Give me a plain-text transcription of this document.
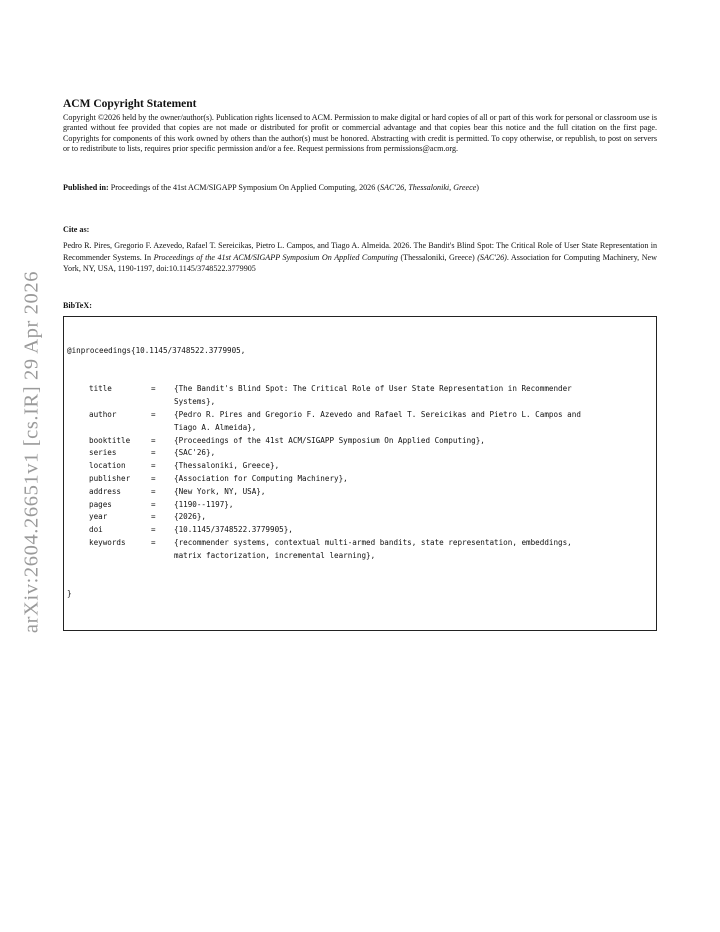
arXiv:2604.26651v1 [cs.IR] 29 Apr 2026
ACM Copyright Statement

Copyright ©2026 held by the owner/author(s). Publication rights licensed to ACM. Permission to make digital or hard copies of all or part of this work for personal or classroom use is granted without fee provided that copies are not made or distributed for profit or commercial advantage and that copies bear this notice and the full citation on the first page. Copyrights for components of this work owned by others than the author(s) must be honored. Abstracting with credit is permitted. To copy otherwise, or republish, to post on servers or to redistribute to lists, requires prior specific permission and/or a fee. Request permissions from permissions@acm.org.

Published in: Proceedings of the 41st ACM/SIGAPP Symposium On Applied Computing, 2026 (SAC'26, Thessaloniki, Greece)
Cite as:
Pedro R. Pires, Gregorio F. Azevedo, Rafael T. Sereicikas, Pietro L. Campos, and Tiago A. Almeida. 2026. The Bandit's Blind Spot: The Critical Role of User State Representation in Recommender Systems. In Proceedings of the 41st ACM/SIGAPP Symposium On Applied Computing (Thessaloniki, Greece) (SAC'26). Association for Computing Machinery, New York, NY, USA, 1190-1197, doi:10.1145/3748522.3779905
BibTeX:

@inproceedings{10.1145/3748522.3779905,

title	= {The Bandit's Blind Spot: The Critical Role of User State Representation in Recommender
Systems},
author	= {Pedro R. Pires and Gregorio F. Azevedo and Rafael T. Sereicikas and Pietro L. Campos and
Tiago A. Almeida},
booktitle	= {Proceedings of the 41st ACM/SIGAPP Symposium On Applied Computing},
series	= {SAC'26},
location	= {Thessaloniki, Greece},
publisher	= {Association for Computing Machinery},
address	= {New York, NY, USA},
pages	= {1190--1197},
year	= {2026},
doi	= {10.1145/3748522.3779905},
keywords	= {recommender systems, contextual multi-armed bandits, state representation, embeddings,
matrix factorization, incremental learning},

}
